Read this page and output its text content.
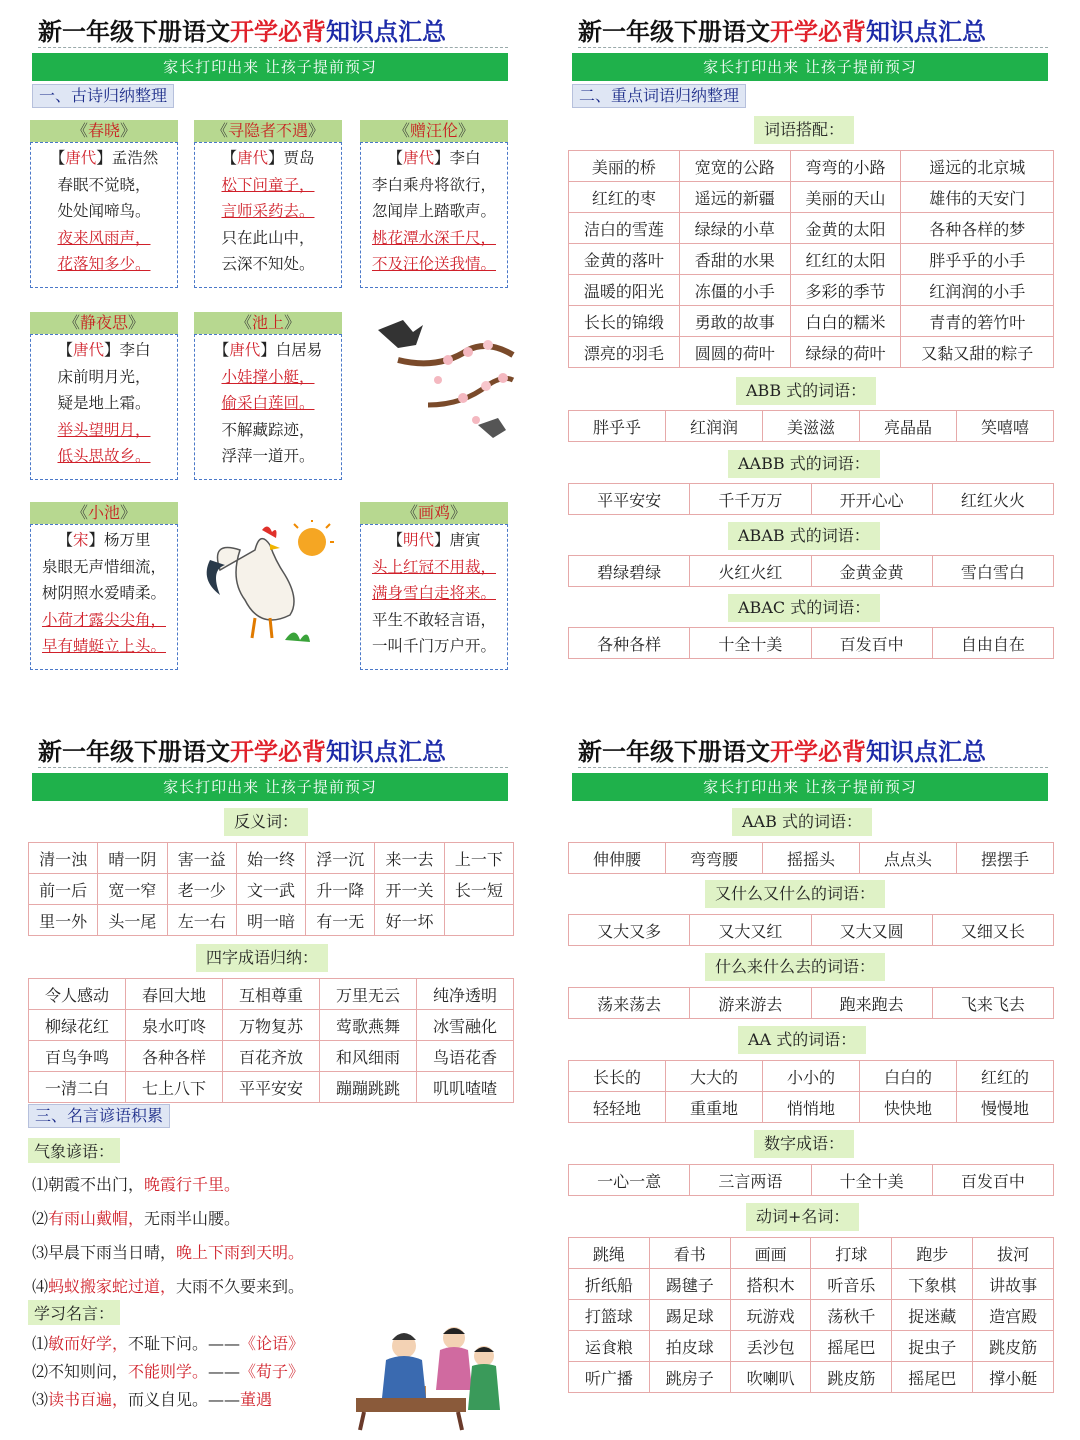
新一年级下册语文开学必背知识点汇总
家长打印出来 让孩子提前预习
一、古诗归纳整理
《春晓》
【唐代】孟浩然
春眠不觉晓，
处处闻啼鸟。
夜来风雨声，
花落知多少。
《寻隐者不遇》
【唐代】贾岛
松下问童子，
言师采药去。
只在此山中，
云深不知处。
《赠汪伦》
【唐代】李白
李白乘舟将欲行，
忽闻岸上踏歌声。
桃花潭水深千尺，
不及汪伦送我情。
《静夜思》
【唐代】李白
床前明月光，
疑是地上霜。
举头望明月，
低头思故乡。
《池上》
【唐代】白居易
小娃撑小艇，
偷采白莲回。
不解藏踪迹，
浮萍一道开。
《小池》
【宋】杨万里
泉眼无声惜细流，
树阴照水爱晴柔。
小荷才露尖尖角，
早有蜻蜓立上头。
《画鸡》
【明代】唐寅
头上红冠不用裁，
满身雪白走将来。
平生不敢轻言语，
一叫千门万户开。
新一年级下册语文开学必背知识点汇总
家长打印出来 让孩子提前预习
二、重点词语归纳整理
词语搭配：
美丽的桥	宽宽的公路	弯弯的小路	遥远的北京城
红红的枣	遥远的新疆	美丽的天山	雄伟的天安门
洁白的雪莲	绿绿的小草	金黄的太阳	各种各样的梦
金黄的落叶	香甜的水果	红红的太阳	胖乎乎的小手
温暖的阳光	冻僵的小手	多彩的季节	红润润的小手
长长的锦缎	勇敢的故事	白白的糯米	青青的箬竹叶
漂亮的羽毛	圆圆的荷叶	绿绿的荷叶	又黏又甜的粽子
ABB 式的词语：
胖乎乎	红润润	美滋滋	亮晶晶	笑嘻嘻
AABB 式的词语：
平平安安	千千万万	开开心心	红红火火
ABAB 式的词语：
碧绿碧绿	火红火红	金黄金黄	雪白雪白
ABAC 式的词语：
各种各样	十全十美	百发百中	自由自在
新一年级下册语文开学必背知识点汇总
家长打印出来 让孩子提前预习
反义词：
清一浊	晴一阴	害一益	始一终	浮一沉	来一去	上一下
前一后	宽一窄	老一少	文一武	升一降	开一关	长一短
里一外	头一尾	左一右	明一暗	有一无	好一坏	
四字成语归纳：
令人感动	春回大地	互相尊重	万里无云	纯净透明
柳绿花红	泉水叮咚	万物复苏	莺歌燕舞	冰雪融化
百鸟争鸣	各种各样	百花齐放	和风细雨	鸟语花香
一清二白	七上八下	平平安安	蹦蹦跳跳	叽叽喳喳
三、名言谚语积累
气象谚语：
⑴朝霞不出门，晚霞行千里。
⑵有雨山戴帽，无雨半山腰。
⑶早晨下雨当日晴，晚上下雨到天明。
⑷蚂蚁搬家蛇过道，大雨不久要来到。
学习名言：
⑴敏而好学，不耻下问。——《论语》
⑵不知则问，不能则学。——《荀子》
⑶读书百遍，而义自见。——董遇
新一年级下册语文开学必背知识点汇总
家长打印出来 让孩子提前预习
AAB 式的词语：
伸伸腰	弯弯腰	摇摇头	点点头	摆摆手
又什么又什么的词语：
又大又多	又大又红	又大又圆	又细又长
什么来什么去的词语：
荡来荡去	游来游去	跑来跑去	飞来飞去
AA 式的词语：
长长的	大大的	小小的	白白的	红红的
轻轻地	重重地	悄悄地	快快地	慢慢地
数字成语：
一心一意	三言两语	十全十美	百发百中
动词+名词：
跳绳	看书	画画	打球	跑步	拔河
折纸船	踢毽子	搭积木	听音乐	下象棋	讲故事
打篮球	踢足球	玩游戏	荡秋千	捉迷藏	造宫殿
运食粮	拍皮球	丢沙包	摇尾巴	捉虫子	跳皮筋
听广播	跳房子	吹喇叭	跳皮筋	摇尾巴	撑小艇
